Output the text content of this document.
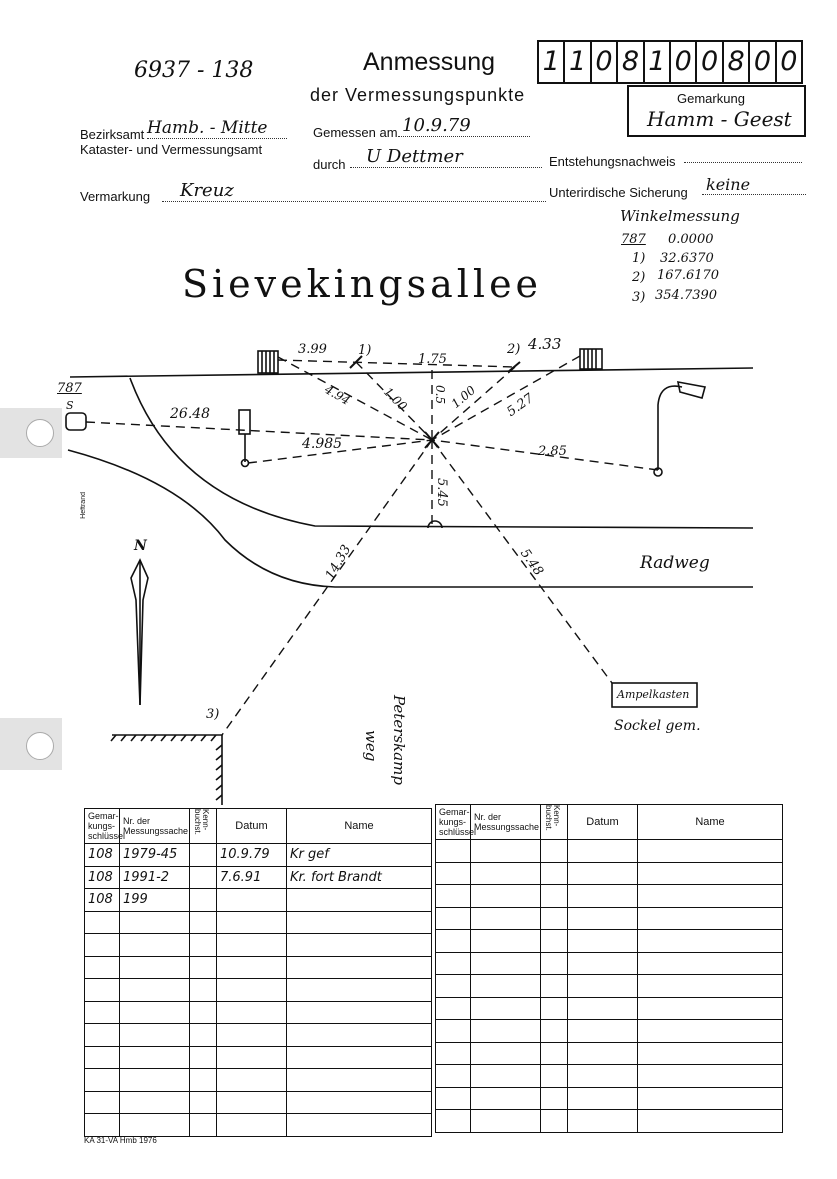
6937 - 138	Anmessung
der Vermessungspunkte
1 1 0 8 1 0 0 8 0 0
Gemarkung
Hamm - Geest
Bezirksamt Hamb. - Mitte
Kataster- und Vermessungsamt
Gemessen am 10.9.79
durch	U Dettmer	Entstehungsnachweis
Vermarkung	Kreuz	Unterirdische Sicherung keine
Winkelmessung
787 0.0000
1) 32.6370
2) 167.6170
3) 354.7390
Sievekingsallee
Radweg
Peterskamp
weg
Ampelkasten
Sockel gem.
787
S
N
Heftrand
1)	2)
3)
3.99
1.75
4.33
4.94 1.00 0.5 1.00 5.27
26.48
4.985	2.85
5.45
14.33	5.48
Gemar-kungs-schlüssel	Nr. der Messungssache	Kenn-buchst.	Datum	Name
108	1979-45		10.9.79	Kr gef
108	1991-2		7.6.91	Kr. fort Brandt
108	199			

Gemar-kungs-schlüssel	Nr. der Messungssache	Kenn-buchst.	Datum	Name

KA 31-VA Hmb 1976
